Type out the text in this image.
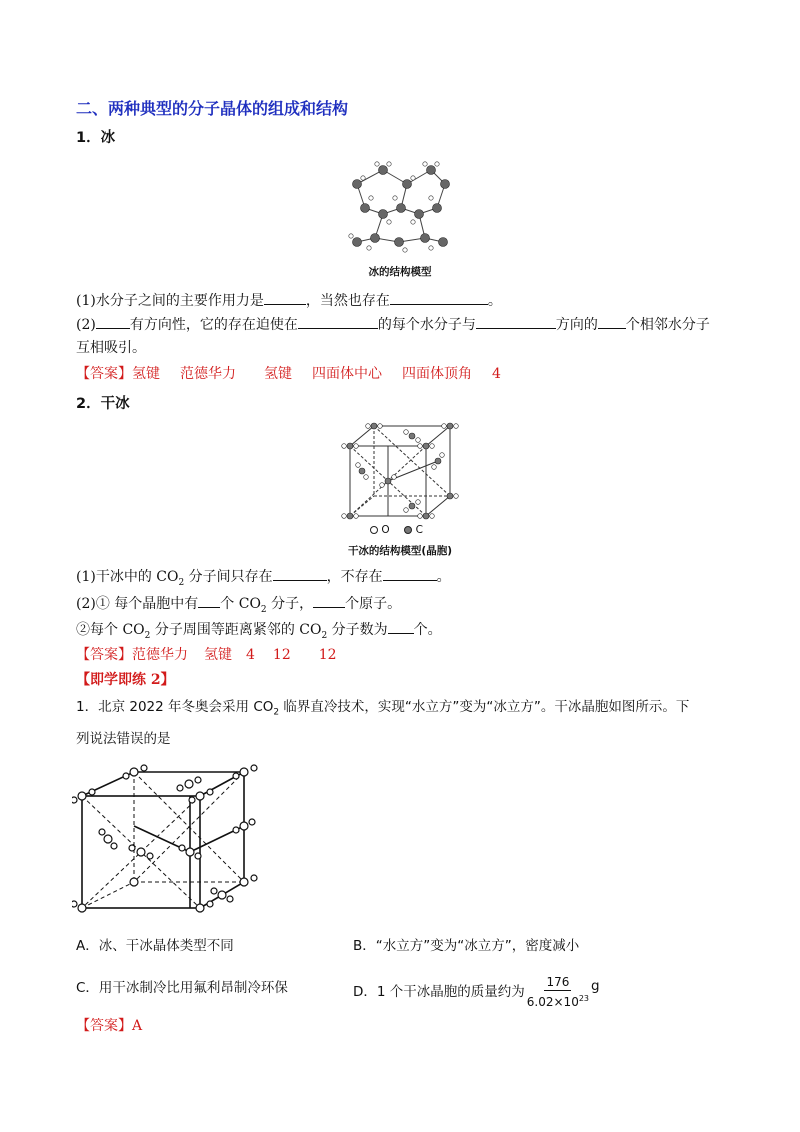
二、两种典型的分子晶体的组成和结构
1．冰
冰的结构模型
(1)水分子之间的主要作用力是	，当然也存在	。
(2) 有方向性，它的存在迫使在	的每个水分子与	方向的 个相邻水分子
互相吸引。
【答案】氢键 范德华力 氢键 四面体中心 四面体顶角 4
2．干冰
O C
干冰的结构模型(晶胞)
(1)干冰中的 $CO_2$ 分子间只存在	，不存在	。
(2)① 每个晶胞中有 个 $CO_2$ 分子， 个原子。
②每个 $CO_2$ 分子周围等距离紧邻的 $CO_2$ 分子数为 个。
【答案】范德华力 氢键 4 12 12
【即学即练 2】
1．北京 2022 年冬奥会采用 $CO_2$ 临界直冷技术，实现“水立方”变为“冰立方”。干冰晶胞如图所示。下
列说法错误的是
A．冰、干冰晶体类型不同	B．“水立方”变为“冰立方”，密度减小
C．用干冰制冷比用氟利昂制冷环保	D．1 个干冰晶胞的质量约为 $\frac{176}{6.02\times 10^{23}}$ g
【答案】A
